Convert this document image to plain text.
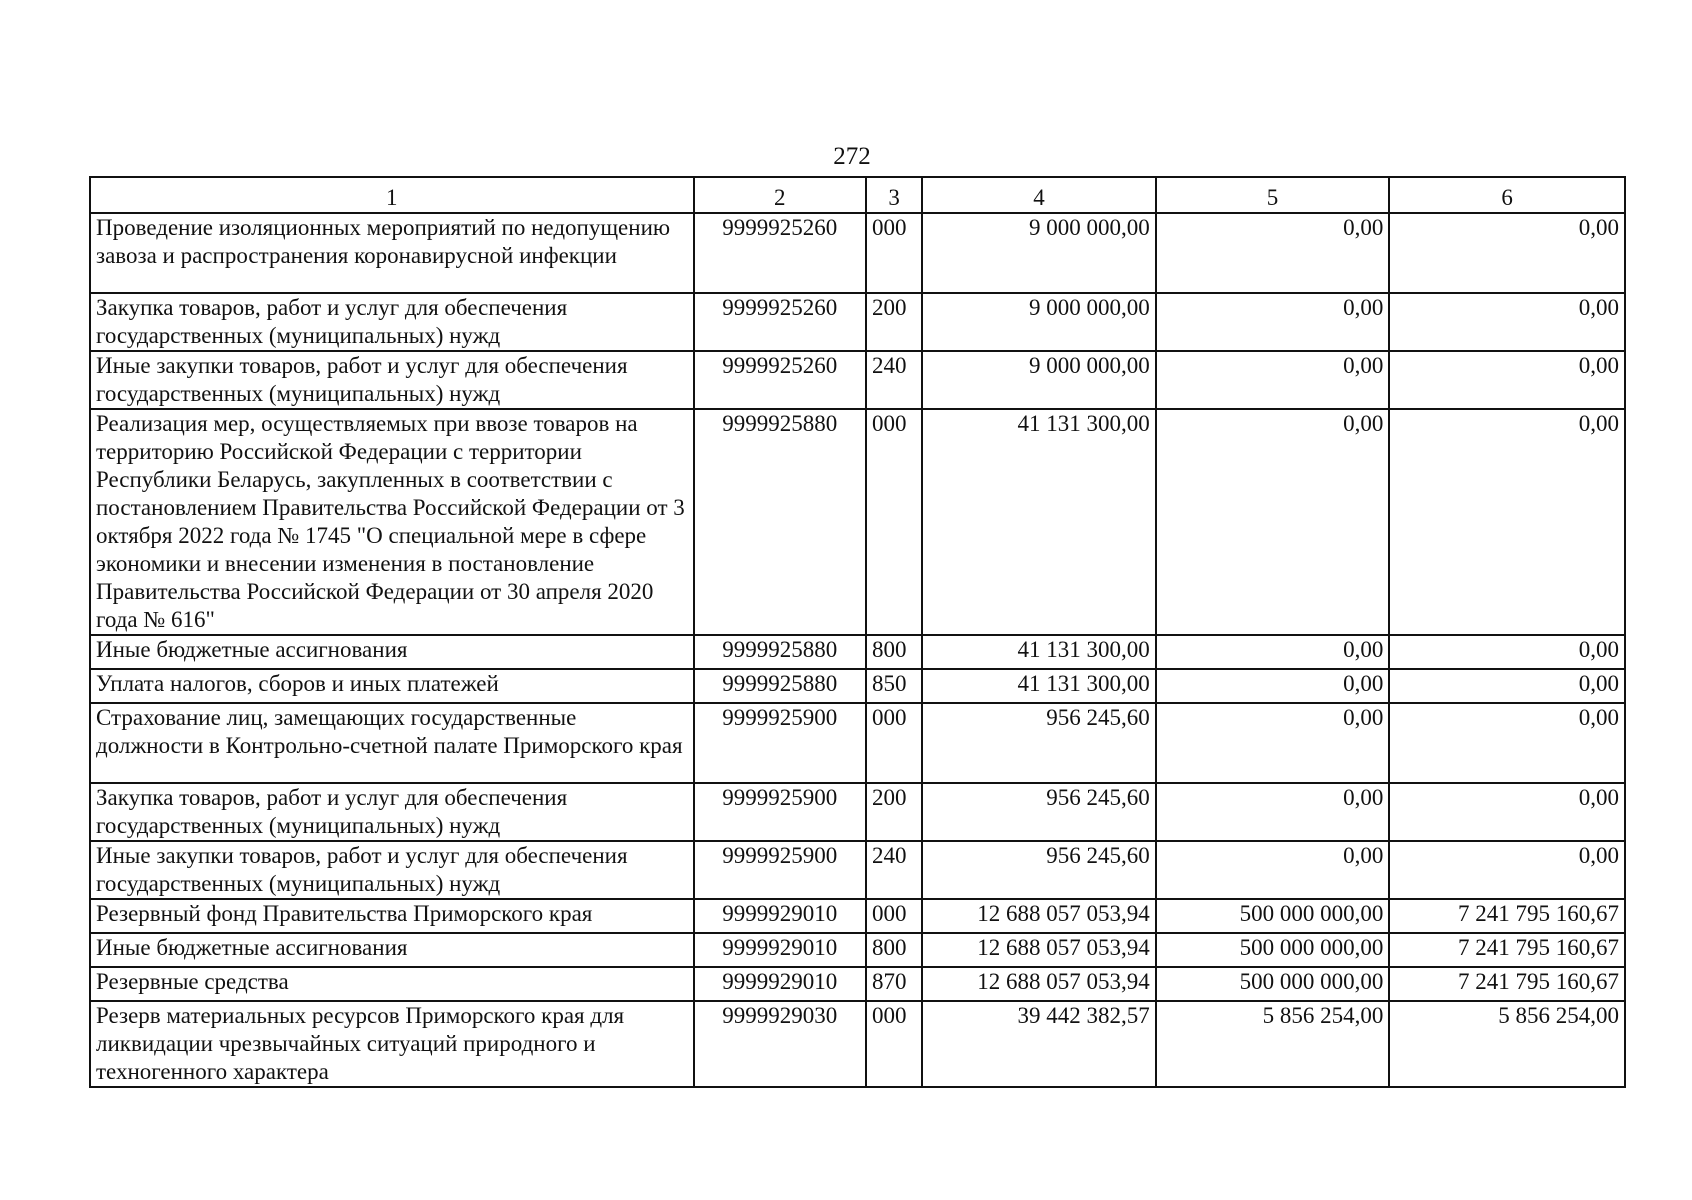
272
1	2	3	4	5	6
Проведение изоляционных мероприятий по недопущению завоза и распространения коронавирусной инфекции	9999925260	000	9 000 000,00	0,00	0,00
Закупка товаров, работ и услуг для обеспечения государственных (муниципальных) нужд	9999925260	200	9 000 000,00	0,00	0,00
Иные закупки товаров, работ и услуг для обеспечения государственных (муниципальных) нужд	9999925260	240	9 000 000,00	0,00	0,00
Реализация мер, осуществляемых при ввозе товаров на территорию Российской Федерации с территории Республики Беларусь, закупленных в соответствии с постановлением Правительства Российской Федерации от 3 октября 2022 года № 1745 "О специальной мере в сфере экономики и внесении изменения в постановление Правительства Российской Федерации от 30 апреля 2020 года № 616"	9999925880	000	41 131 300,00	0,00	0,00
Иные бюджетные ассигнования	9999925880	800	41 131 300,00	0,00	0,00
Уплата налогов, сборов и иных платежей	9999925880	850	41 131 300,00	0,00	0,00
Страхование лиц, замещающих государственные должности в Контрольно-счетной палате Приморского края	9999925900	000	956 245,60	0,00	0,00
Закупка товаров, работ и услуг для обеспечения государственных (муниципальных) нужд	9999925900	200	956 245,60	0,00	0,00
Иные закупки товаров, работ и услуг для обеспечения государственных (муниципальных) нужд	9999925900	240	956 245,60	0,00	0,00
Резервный фонд Правительства Приморского края	9999929010	000	12 688 057 053,94	500 000 000,00	7 241 795 160,67
Иные бюджетные ассигнования	9999929010	800	12 688 057 053,94	500 000 000,00	7 241 795 160,67
Резервные средства	9999929010	870	12 688 057 053,94	500 000 000,00	7 241 795 160,67
Резерв материальных ресурсов Приморского края для ликвидации чрезвычайных ситуаций природного и техногенного характера	9999929030	000	39 442 382,57	5 856 254,00	5 856 254,00
